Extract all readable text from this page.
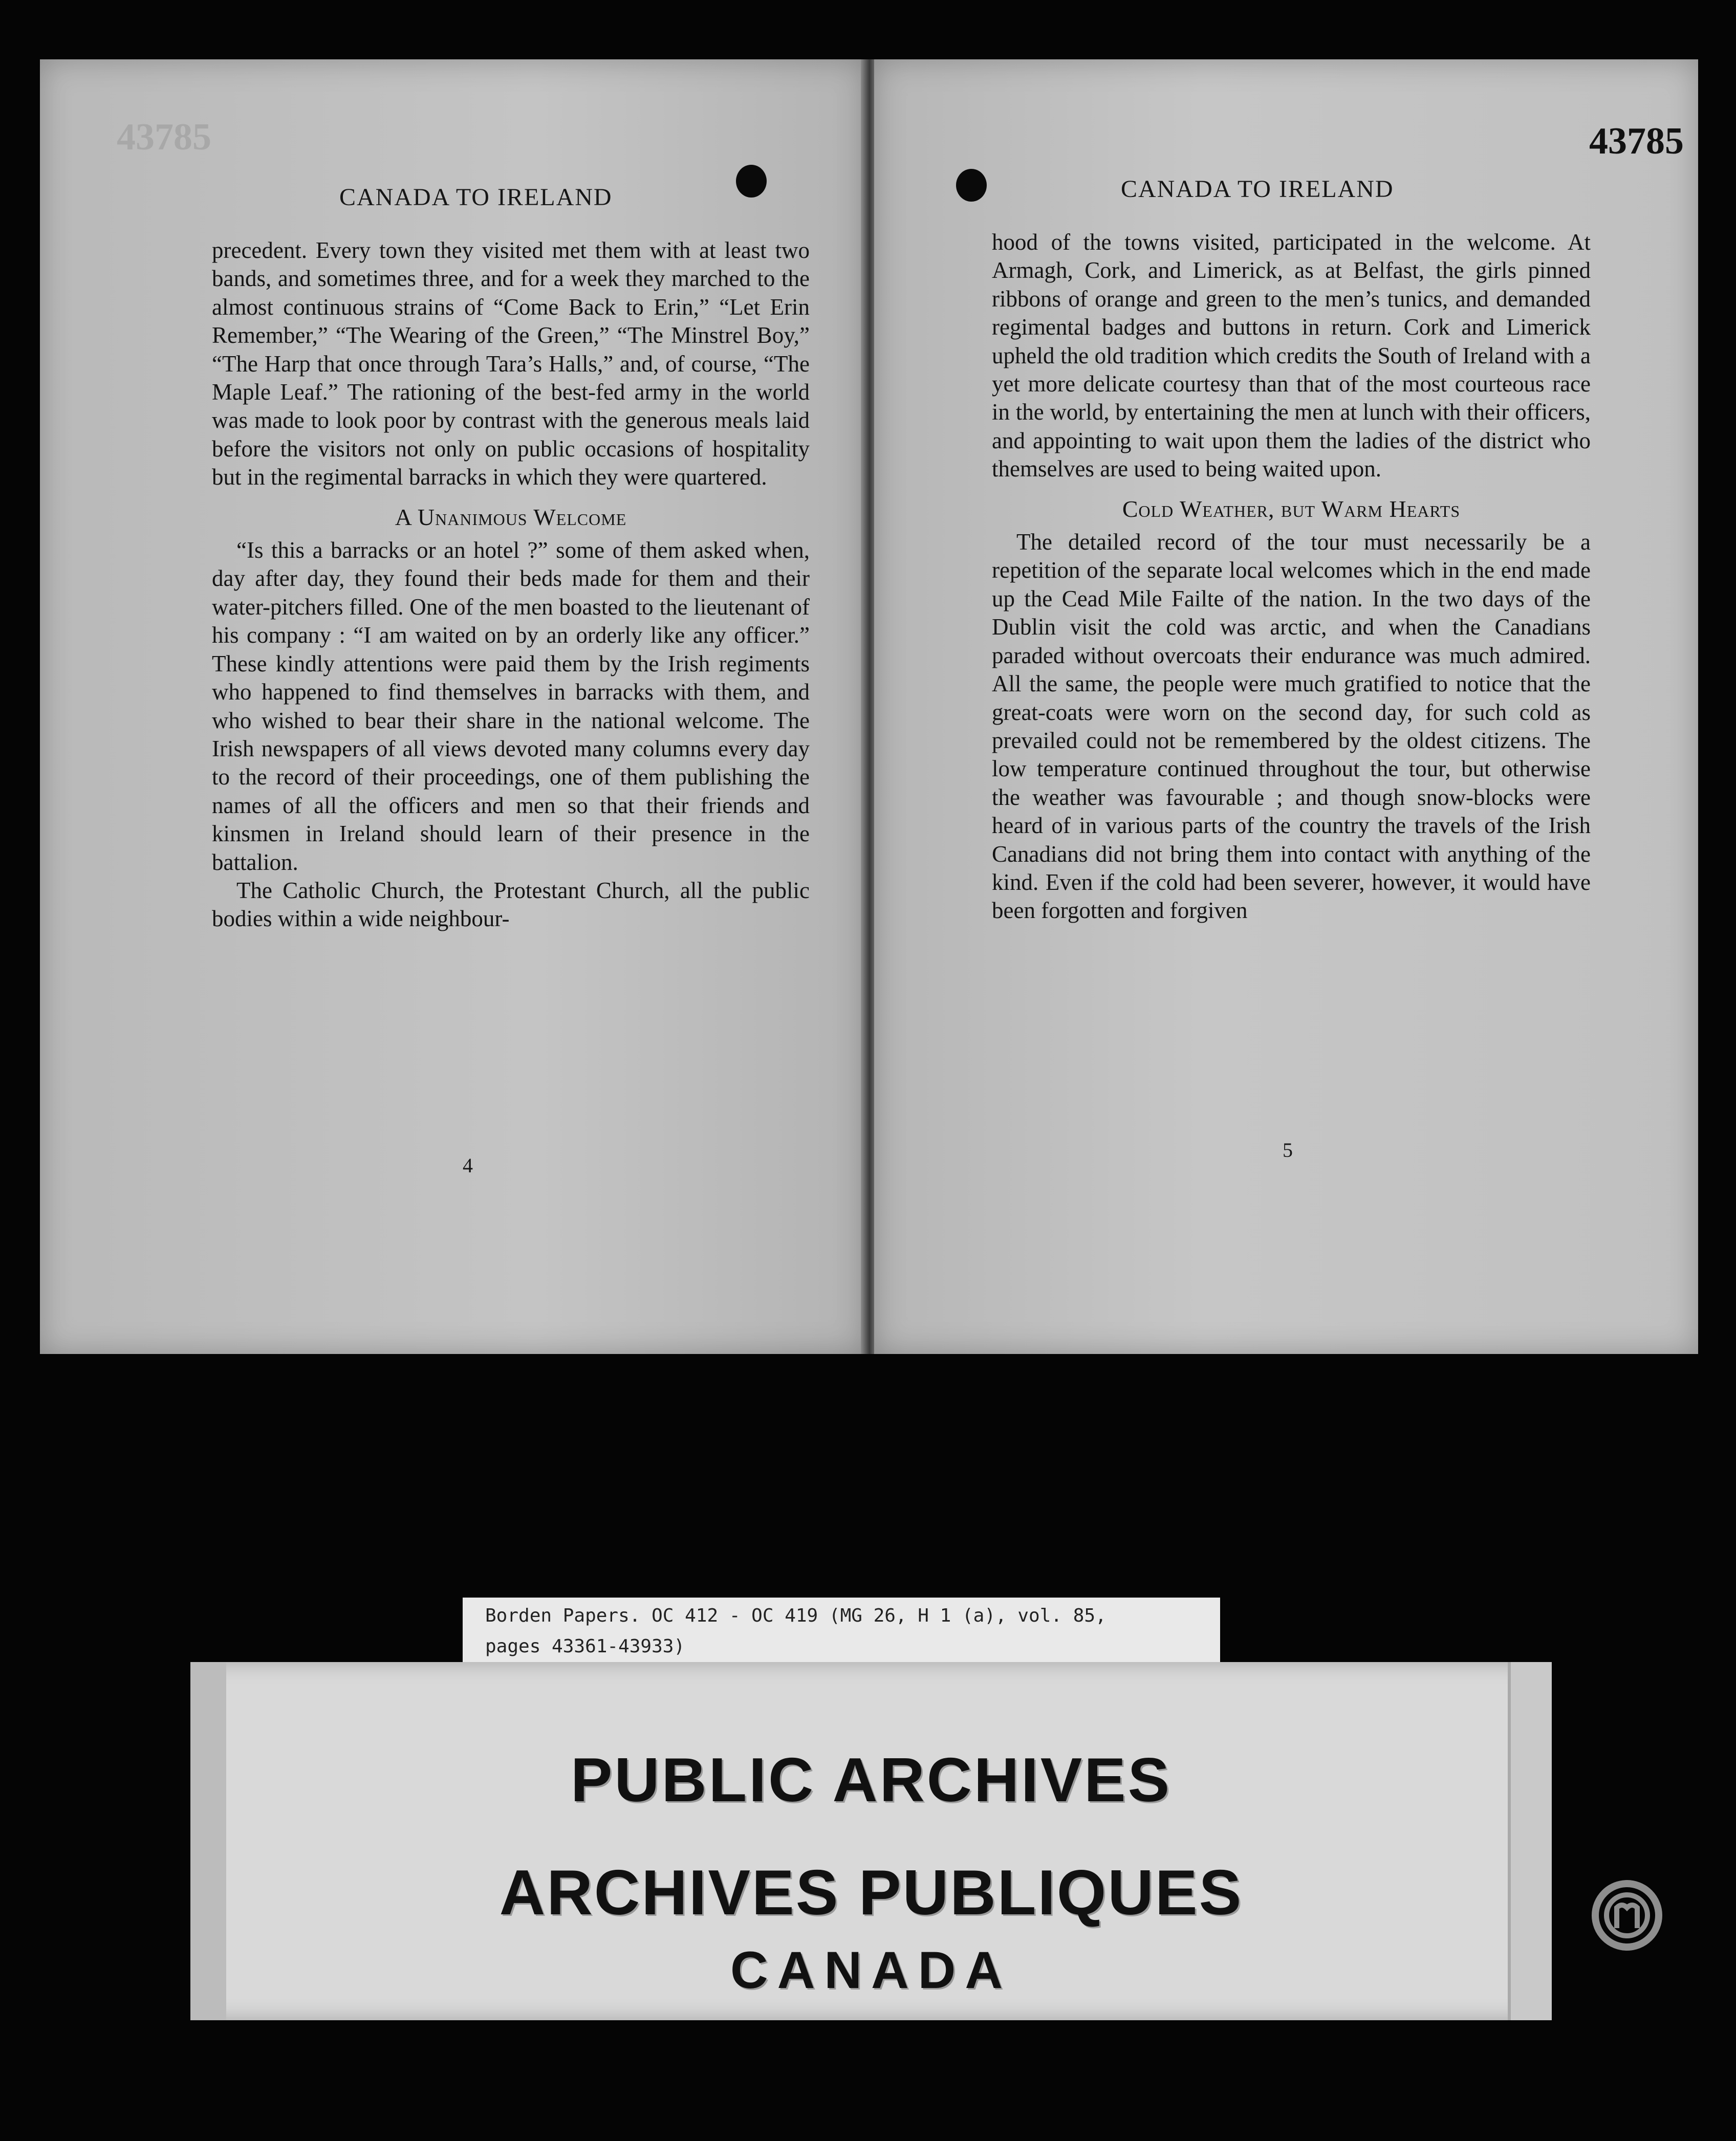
43785
CANADA TO IRELAND

precedent. Every town they visited met them with at least two bands, and sometimes three, and for a week they marched to the almost continuous strains of “Come Back to Erin,” “Let Erin Remember,” “The Wearing of the Green,” “The Minstrel Boy,” “The Harp that once through Tara’s Halls,” and, of course, “The Maple Leaf.” The rationing of the best-fed army in the world was made to look poor by contrast with the generous meals laid before the visitors not only on public occasions of hospitality but in the regimental barracks in which they were quartered.

A Unanimous Welcome

“Is this a barracks or an hotel ?” some of them asked when, day after day, they found their beds made for them and their water-pitchers filled. One of the men boasted to the lieutenant of his company : “I am waited on by an orderly like any officer.” These kindly attentions were paid them by the Irish regiments who happened to find themselves in barracks with them, and who wished to bear their share in the national welcome. The Irish newspapers of all views devoted many columns every day to the record of their proceedings, one of them publishing the names of all the officers and men so that their friends and kinsmen in Ireland should learn of their presence in the battalion.

The Catholic Church, the Protestant Church, all the public bodies within a wide neighbour-

4
43785
CANADA TO IRELAND

hood of the towns visited, participated in the welcome. At Armagh, Cork, and Limerick, as at Belfast, the girls pinned ribbons of orange and green to the men’s tunics, and demanded regimental badges and buttons in return. Cork and Limerick upheld the old tradition which credits the South of Ireland with a yet more delicate courtesy than that of the most courteous race in the world, by entertaining the men at lunch with their officers, and appointing to wait upon them the ladies of the district who themselves are used to being waited upon.

Cold Weather, but Warm Hearts

The detailed record of the tour must necessarily be a repetition of the separate local welcomes which in the end made up the Cead Mile Failte of the nation. In the two days of the Dublin visit the cold was arctic, and when the Canadians paraded without overcoats their endurance was much admired. All the same, the people were much gratified to notice that the great-coats were worn on the second day, for such cold as prevailed could not be remembered by the oldest citizens. The low temperature continued throughout the tour, but otherwise the weather was favourable ; and though snow-blocks were heard of in various parts of the country the travels of the Irish Canadians did not bring them into contact with anything of the kind. Even if the cold had been severer, however, it would have been forgotten and forgiven

5
Borden Papers. OC 412 - OC 419 (MG 26, H 1 (a), vol. 85,
pages 43361-43933)
PUBLIC ARCHIVES
ARCHIVES PUBLIQUES
CANADA
